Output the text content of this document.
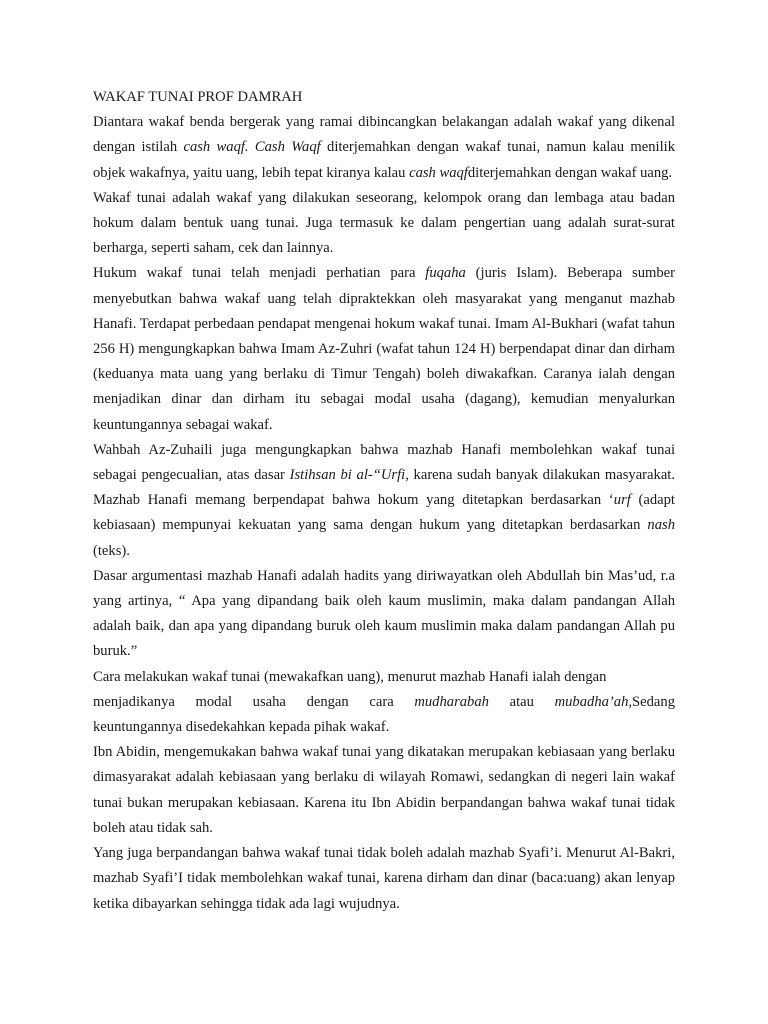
WAKAF TUNAI PROF DAMRAH

Diantara wakaf benda bergerak yang ramai dibincangkan belakangan adalah wakaf yang dikenal dengan istilah cash waqf. Cash Waqf diterjemahkan dengan wakaf tunai, namun kalau menilik objek wakafnya, yaitu uang, lebih tepat kiranya kalau cash waqfditerjemahkan dengan wakaf uang.

Wakaf tunai adalah wakaf yang dilakukan seseorang, kelompok orang dan lembaga atau badan hokum dalam bentuk uang tunai. Juga termasuk ke dalam pengertian uang adalah surat-surat berharga, seperti saham, cek dan lainnya.

Hukum wakaf tunai telah menjadi perhatian para fuqaha (juris Islam). Beberapa sumber menyebutkan bahwa wakaf uang telah dipraktekkan oleh masyarakat yang menganut mazhab Hanafi. Terdapat perbedaan pendapat mengenai hokum wakaf tunai. Imam Al-Bukhari (wafat tahun 256 H) mengungkapkan bahwa Imam Az-Zuhri (wafat tahun 124 H) berpendapat dinar dan dirham (keduanya mata uang yang berlaku di Timur Tengah) boleh diwakafkan. Caranya ialah dengan menjadikan dinar dan dirham itu sebagai modal usaha (dagang), kemudian menyalurkan keuntungannya sebagai wakaf.

Wahbah Az-Zuhaili juga mengungkapkan bahwa mazhab Hanafi membolehkan wakaf tunai sebagai pengecualian, atas dasar Istihsan bi al-“Urfi, karena sudah banyak dilakukan masyarakat. Mazhab Hanafi memang berpendapat bahwa hokum yang ditetapkan berdasarkan ‘urf (adapt kebiasaan) mempunyai kekuatan yang sama dengan hukum yang ditetapkan berdasarkan nash (teks).

Dasar argumentasi mazhab Hanafi adalah hadits yang diriwayatkan oleh Abdullah bin Mas’ud, r.a yang artinya, “ Apa yang dipandang baik oleh kaum muslimin, maka dalam pandangan Allah adalah baik, dan apa yang dipandang buruk oleh kaum muslimin maka dalam pandangan Allah pu buruk.”

Cara melakukan wakaf tunai (mewakafkan uang), menurut mazhab Hanafi ialah dengan
menjadikanya modal usaha dengan cara mudharabah atau mubadha’ah,Sedang
keuntungannya disedekahkan kepada pihak wakaf.

Ibn Abidin, mengemukakan bahwa wakaf tunai yang dikatakan merupakan kebiasaan yang berlaku dimasyarakat adalah kebiasaan yang berlaku di wilayah Romawi, sedangkan di negeri lain wakaf tunai bukan merupakan kebiasaan. Karena itu Ibn Abidin berpandangan bahwa wakaf tunai tidak boleh atau tidak sah.

Yang juga berpandangan bahwa wakaf tunai tidak boleh adalah mazhab Syafi’i. Menurut Al-Bakri, mazhab Syafi’I tidak membolehkan wakaf tunai, karena dirham dan dinar (baca:uang) akan lenyap ketika dibayarkan sehingga tidak ada lagi wujudnya.
